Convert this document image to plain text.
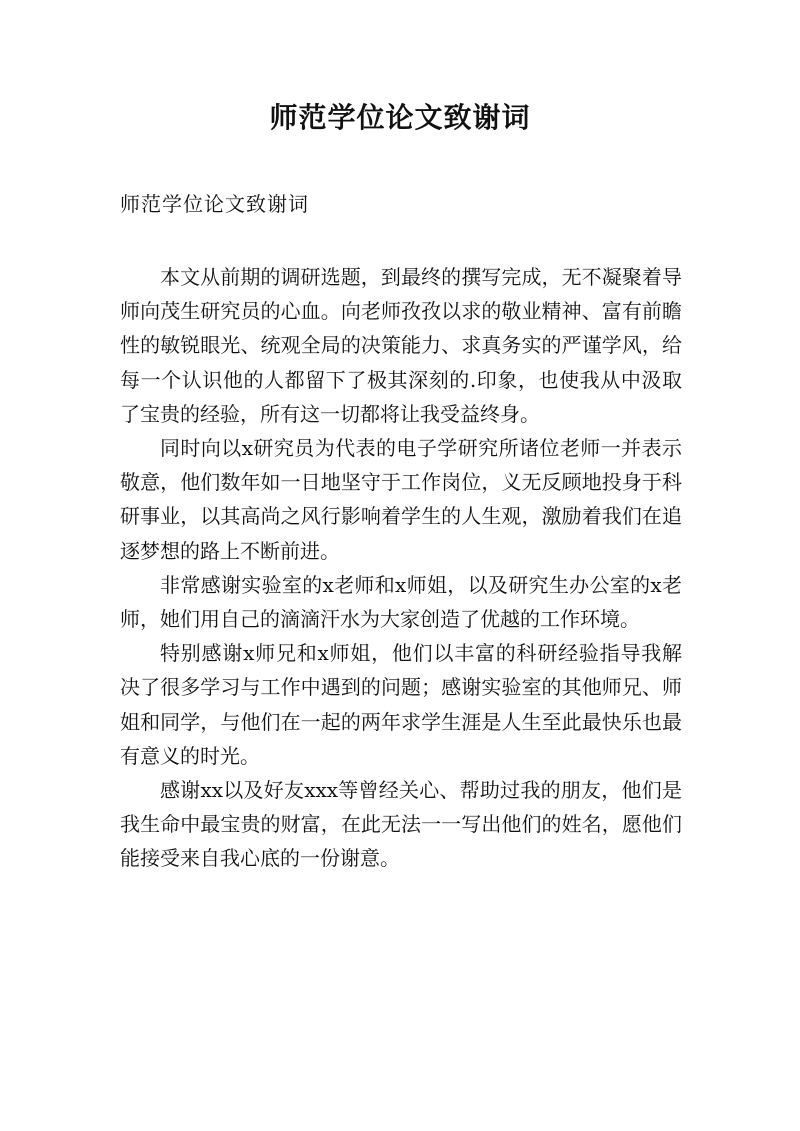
师范学位论文致谢词
师范学位论文致谢词

本文从前期的调研选题，到最终的撰写完成，无不凝聚着导师向茂生研究员的心血。向老师孜孜以求的敬业精神、富有前瞻性的敏锐眼光、统观全局的决策能力、求真务实的严谨学风，给每一个认识他的人都留下了极其深刻的.印象，也使我从中汲取了宝贵的经验，所有这一切都将让我受益终身。

同时向以x研究员为代表的电子学研究所诸位老师一并表示敬意，他们数年如一日地坚守于工作岗位，义无反顾地投身于科研事业，以其高尚之风行影响着学生的人生观，激励着我们在追逐梦想的路上不断前进。

非常感谢实验室的x老师和x师姐，以及研究生办公室的x老师，她们用自己的滴滴汗水为大家创造了优越的工作环境。

特别感谢x师兄和x师姐，他们以丰富的科研经验指导我解决了很多学习与工作中遇到的问题；感谢实验室的其他师兄、师姐和同学，与他们在一起的两年求学生涯是人生至此最快乐也最有意义的时光。

感谢xx以及好友xxx等曾经关心、帮助过我的朋友，他们是我生命中最宝贵的财富，在此无法一一写出他们的姓名，愿他们能接受来自我心底的一份谢意。
